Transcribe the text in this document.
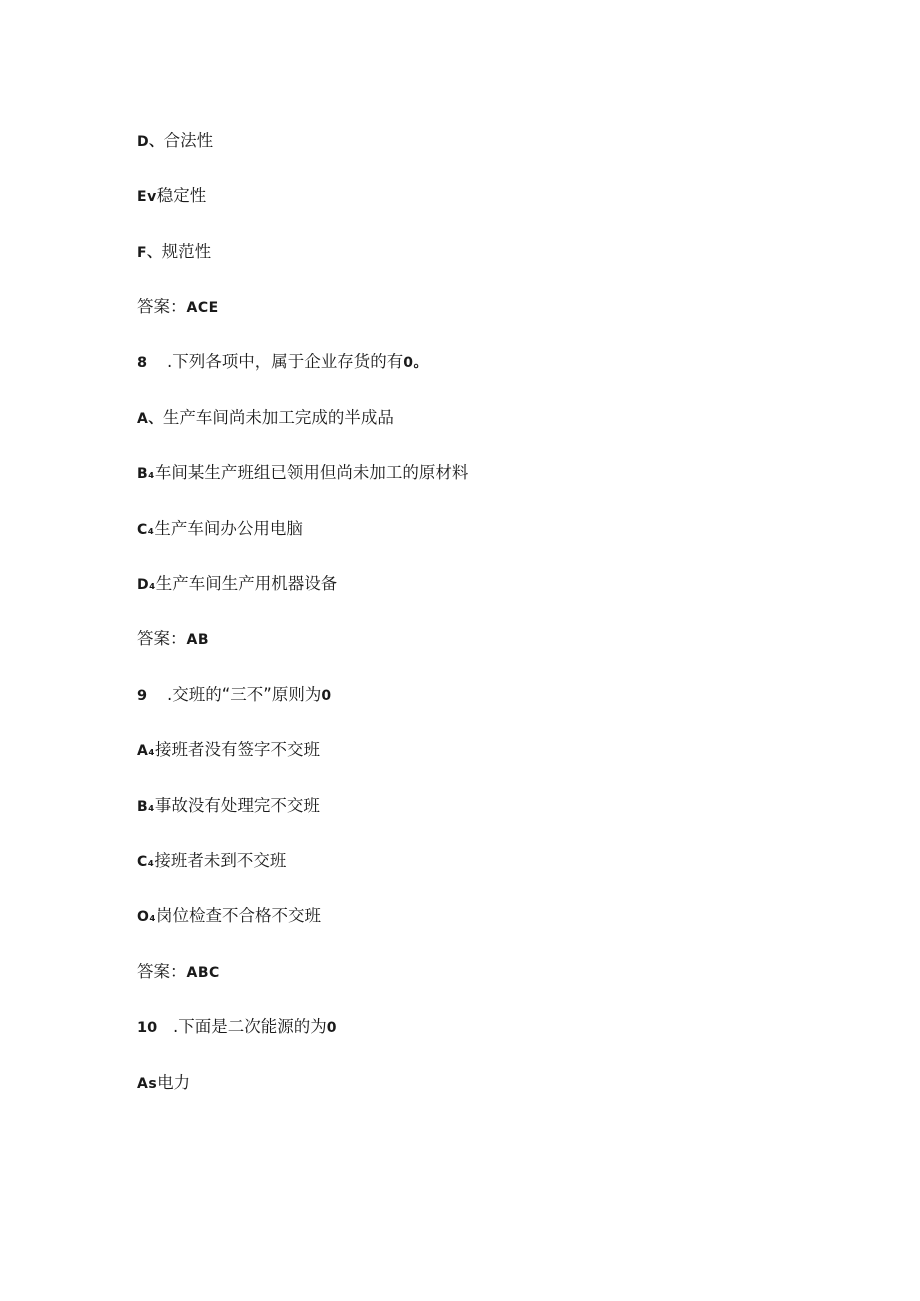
D、合法性
Ev稳定性
F、规范性
答案：ACE
8 .下列各项中，属于企业存货的有0。
A、生产车间尚未加工完成的半成品
B₄车间某生产班组已领用但尚未加工的原材料
C₄生产车间办公用电脑
D₄生产车间生产用机器设备
答案：AB
9 .交班的“三不”原则为0
A₄接班者没有签字不交班
B₄事故没有处理完不交班
C₄接班者未到不交班
O₄岗位检查不合格不交班
答案：ABC
10 .下面是二次能源的为0
As电力
